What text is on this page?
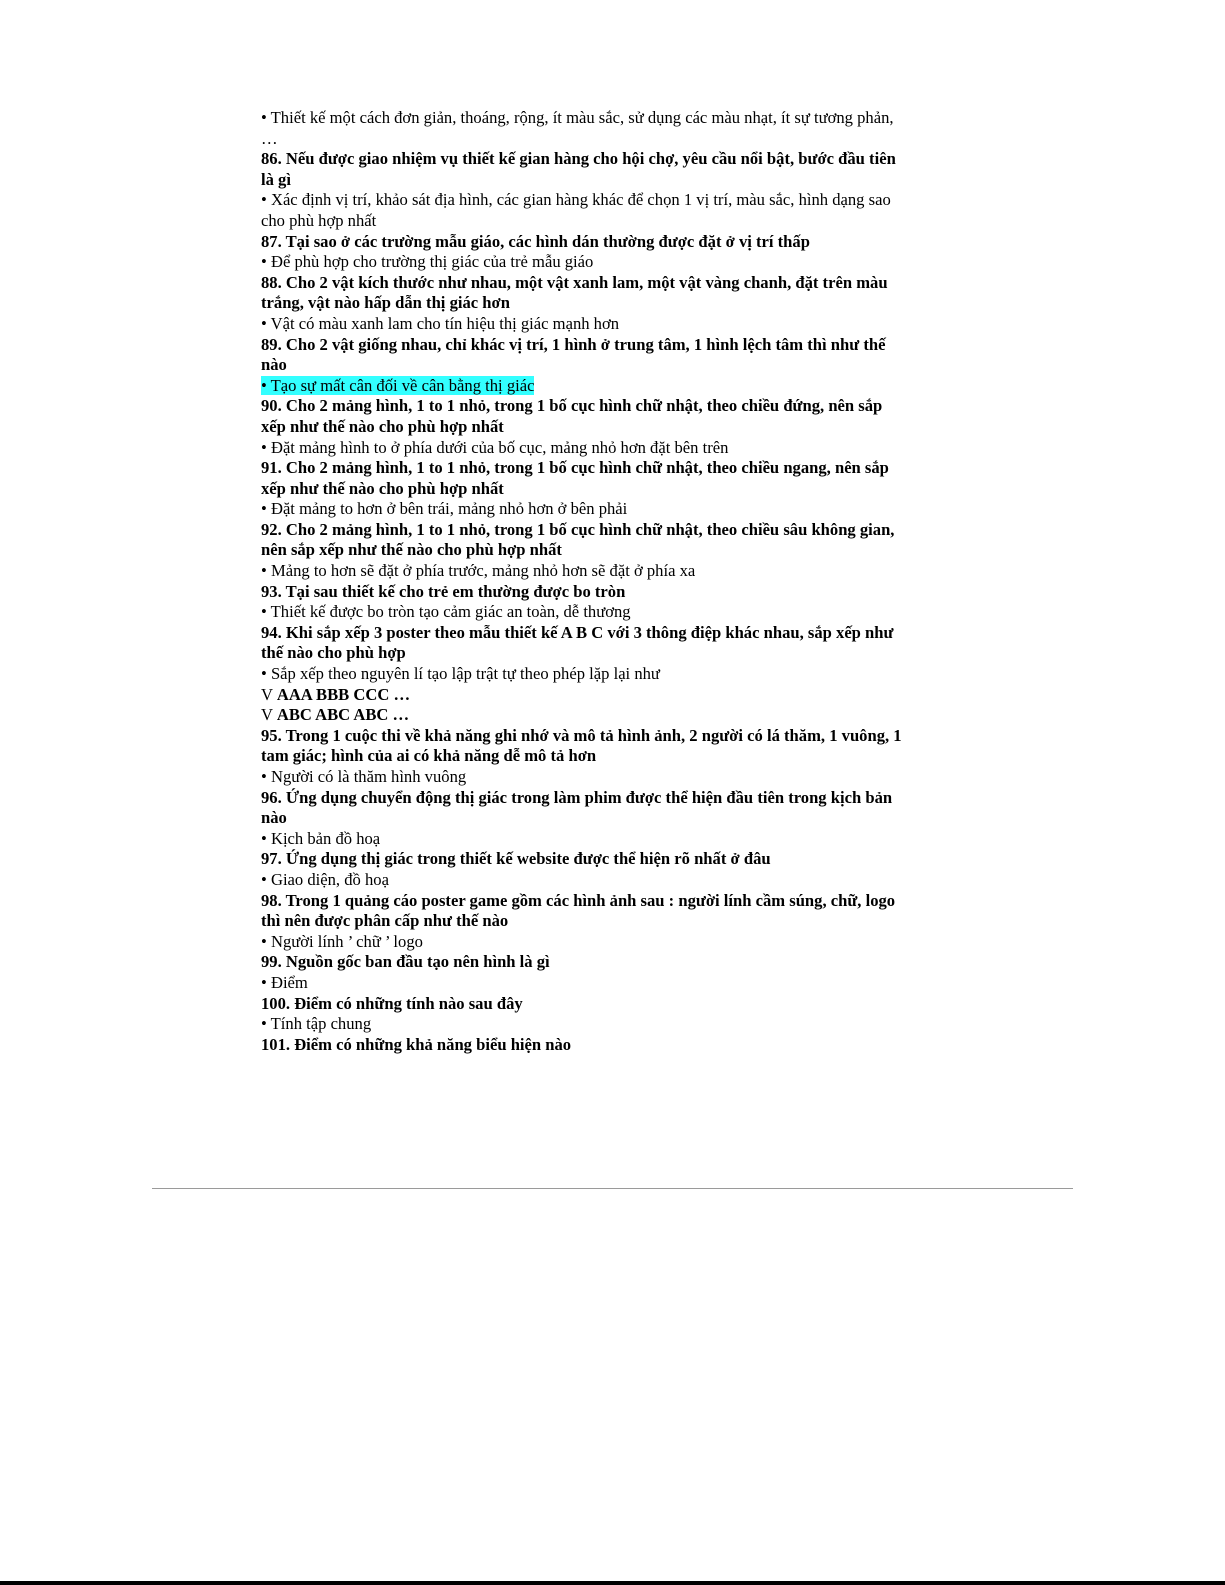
• Thiết kế một cách đơn giản, thoáng, rộng, ít màu sắc, sử dụng các màu nhạt, ít sự tương phản,
…
86. Nếu được giao nhiệm vụ thiết kế gian hàng cho hội chợ, yêu cầu nổi bật, bước đầu tiên
là gì
• Xác định vị trí, khảo sát địa hình, các gian hàng khác để chọn 1 vị trí, màu sắc, hình dạng sao
cho phù hợp nhất
87. Tại sao ở các trường mẫu giáo, các hình dán thường được đặt ở vị trí thấp
• Để phù hợp cho trường thị giác của trẻ mẫu giáo
88. Cho 2 vật kích thước như nhau, một vật xanh lam, một vật vàng chanh, đặt trên màu
trắng, vật nào hấp dẫn thị giác hơn
• Vật có màu xanh lam cho tín hiệu thị giác mạnh hơn
89. Cho 2 vật giống nhau, chỉ khác vị trí, 1 hình ở trung tâm, 1 hình lệch tâm thì như thế
nào
• Tạo sự mất cân đối về cân bằng thị giác
90. Cho 2 mảng hình, 1 to 1 nhỏ, trong 1 bố cục hình chữ nhật, theo chiều đứng, nên sắp
xếp như thế nào cho phù hợp nhất
• Đặt mảng hình to ở phía dưới của bố cục, mảng nhỏ hơn đặt bên trên
91. Cho 2 mảng hình, 1 to 1 nhỏ, trong 1 bố cục hình chữ nhật, theo chiều ngang, nên sắp
xếp như thế nào cho phù hợp nhất
• Đặt mảng to hơn ở bên trái, mảng nhỏ hơn ở bên phải
92. Cho 2 mảng hình, 1 to 1 nhỏ, trong 1 bố cục hình chữ nhật, theo chiều sâu không gian,
nên sắp xếp như thế nào cho phù hợp nhất
• Mảng to hơn sẽ đặt ở phía trước, mảng nhỏ hơn sẽ đặt ở phía xa
93. Tại sau thiết kế cho trẻ em thường được bo tròn
• Thiết kế được bo tròn tạo cảm giác an toàn, dễ thương
94. Khi sắp xếp 3 poster theo mẫu thiết kế A B C với 3 thông điệp khác nhau, sắp xếp như
thế nào cho phù hợp
• Sắp xếp theo nguyên lí tạo lập trật tự theo phép lặp lại như
V AAA BBB CCC …
V ABC ABC ABC …
95. Trong 1 cuộc thi về khả năng ghi nhớ và mô tả hình ảnh, 2 người có lá thăm, 1 vuông, 1
tam giác; hình của ai có khả năng dễ mô tả hơn
• Người có là thăm hình vuông
96. Ứng dụng chuyển động thị giác trong làm phim được thể hiện đầu tiên trong kịch bản
nào
• Kịch bản đồ hoạ
97. Ứng dụng thị giác trong thiết kế website được thể hiện rõ nhất ở đâu
• Giao diện, đồ hoạ
98. Trong 1 quảng cáo poster game gồm các hình ảnh sau : người lính cầm súng, chữ, logo
thì nên được phân cấp như thế nào
• Người lính ’ chữ ’ logo
99. Nguồn gốc ban đầu tạo nên hình là gì
• Điểm
100. Điểm có những tính nào sau đây
• Tính tập chung
101. Điểm có những khả năng biểu hiện nào
